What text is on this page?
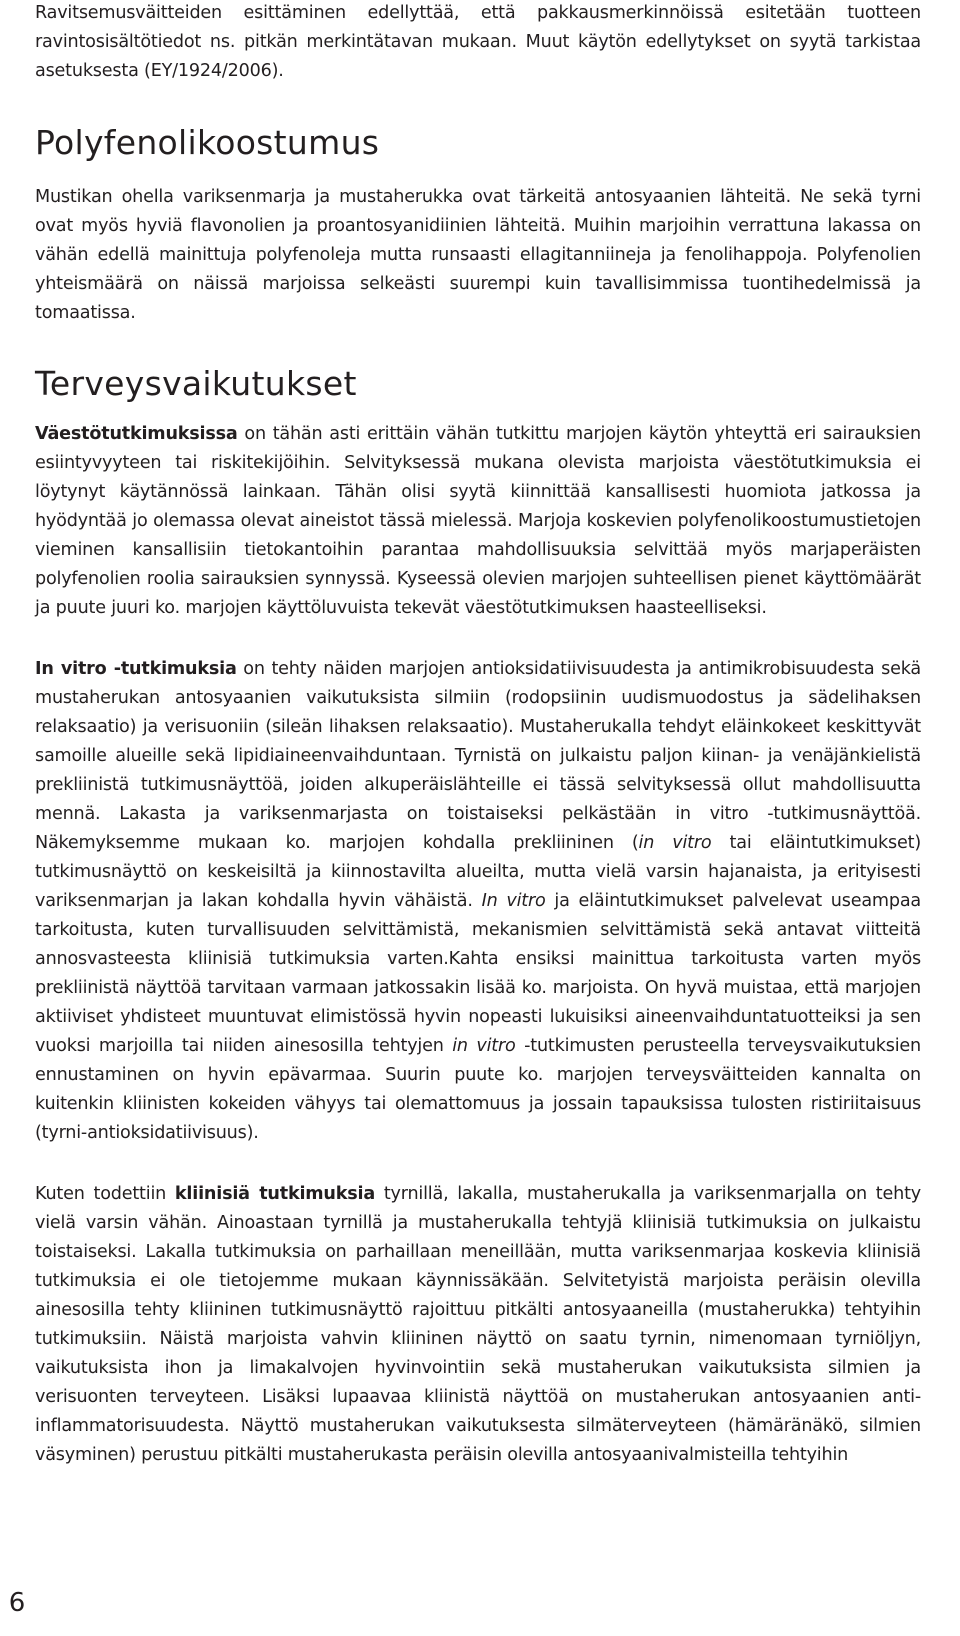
Ravitsemusväitteiden esittäminen edellyttää, että pakkausmerkinnöissä esitetään tuotteen ravintosisältötiedot ns. pitkän merkintätavan mukaan. Muut käytön edellytykset on syytä tarkistaa asetuksesta (EY/1924/2006).

Polyfenolikoostumus

Mustikan ohella variksenmarja ja mustaherukka ovat tärkeitä antosyaanien lähteitä. Ne sekä tyrni ovat myös hyviä flavonolien ja proantosyanidiinien lähteitä. Muihin marjoihin verrattuna lakassa on vähän edellä mainittuja polyfenoleja mutta runsaasti ellagitanniineja ja fenolihappoja. Polyfenolien yhteismäärä on näissä marjoissa selkeästi suurempi kuin tavallisimmissa tuontihedelmissä ja tomaatissa.

Terveysvaikutukset

Väestötutkimuksissa on tähän asti erittäin vähän tutkittu marjojen käytön yhteyttä eri sairauksien esiintyvyyteen tai riskitekijöihin. Selvityksessä mukana olevista marjoista väestötutkimuksia ei löytynyt käytännössä lainkaan. Tähän olisi syytä kiinnittää kansallisesti huomiota jatkossa ja hyödyntää jo olemassa olevat aineistot tässä mielessä. Marjoja koskevien polyfenolikoostumustietojen vieminen kansallisiin tietokantoihin parantaa mahdollisuuksia selvittää myös marjaperäisten polyfenolien roolia sairauksien synnyssä. Kyseessä olevien marjojen suhteellisen pienet käyttömäärät ja puute juuri ko. marjojen käyttöluvuista tekevät väestötutkimuksen haasteelliseksi.

In vitro -tutkimuksia on tehty näiden marjojen antioksidatiivisuudesta ja antimikrobisuudesta sekä mustaherukan antosyaanien vaikutuksista silmiin (rodopsiinin uudismuodostus ja sädelihaksen relaksaatio) ja verisuoniin (sileän lihaksen relaksaatio). Mustaherukalla tehdyt eläinkokeet keskittyvät samoille alueille sekä lipidiaineenvaihduntaan. Tyrnistä on julkaistu paljon kiinan- ja venäjänkielistä prekliinistä tutkimusnäyttöä, joiden alkuperäislähteille ei tässä selvityksessä ollut mahdollisuutta mennä. Lakasta ja variksenmarjasta on toistaiseksi pelkästään in vitro -tutkimusnäyttöä. Näkemyksemme mukaan ko. marjojen kohdalla prekliininen (in vitro tai eläintutkimukset) tutkimusnäyttö on keskeisiltä ja kiinnostavilta alueilta, mutta vielä varsin hajanaista, ja erityisesti variksenmarjan ja lakan kohdalla hyvin vähäistä. In vitro ja eläintutkimukset palvelevat useampaa tarkoitusta, kuten turvallisuuden selvittämistä, mekanismien selvittämistä sekä antavat viitteitä annosvasteesta kliinisiä tutkimuksia varten.Kahta ensiksi mainittua tarkoitusta varten myös prekliinistä näyttöä tarvitaan varmaan jatkossakin lisää ko. marjoista. On hyvä muistaa, että marjojen aktiiviset yhdisteet muuntuvat elimistössä hyvin nopeasti lukuisiksi aineenvaihduntatuotteiksi ja sen vuoksi marjoilla tai niiden ainesosilla tehtyjen in vitro -tutkimusten perusteella terveysvaikutuksien ennustaminen on hyvin epävarmaa. Suurin puute ko. marjojen terveysväitteiden kannalta on kuitenkin kliinisten kokeiden vähyys tai olemattomuus ja jossain tapauksissa tulosten ristiriitaisuus (tyrni-antioksidatiivisuus).

Kuten todettiin kliinisiä tutkimuksia tyrnillä, lakalla, mustaherukalla ja variksenmarjalla on tehty vielä varsin vähän. Ainoastaan tyrnillä ja mustaherukalla tehtyjä kliinisiä tutkimuksia on julkaistu toistaiseksi. Lakalla tutkimuksia on parhaillaan meneillään, mutta variksenmarjaa koskevia kliinisiä tutkimuksia ei ole tietojemme mukaan käynnissäkään. Selvitetyistä marjoista peräisin olevilla ainesosilla tehty kliininen tutkimusnäyttö rajoittuu pitkälti antosyaaneilla (mustaherukka) tehtyihin tutkimuksiin. Näistä marjoista vahvin kliininen näyttö on saatu tyrnin, nimenomaan tyrniöljyn, vaikutuksista ihon ja limakalvojen hyvinvointiin sekä mustaherukan vaikutuksista silmien ja verisuonten terveyteen. Lisäksi lupaavaa kliinistä näyttöä on mustaherukan antosyaanien anti-inflammatorisuudesta. Näyttö mustaherukan vaikutuksesta silmäterveyteen (hämäränäkö, silmien väsyminen) perustuu pitkälti mustaherukasta peräisin olevilla antosyaanivalmisteilla tehtyihin

6
